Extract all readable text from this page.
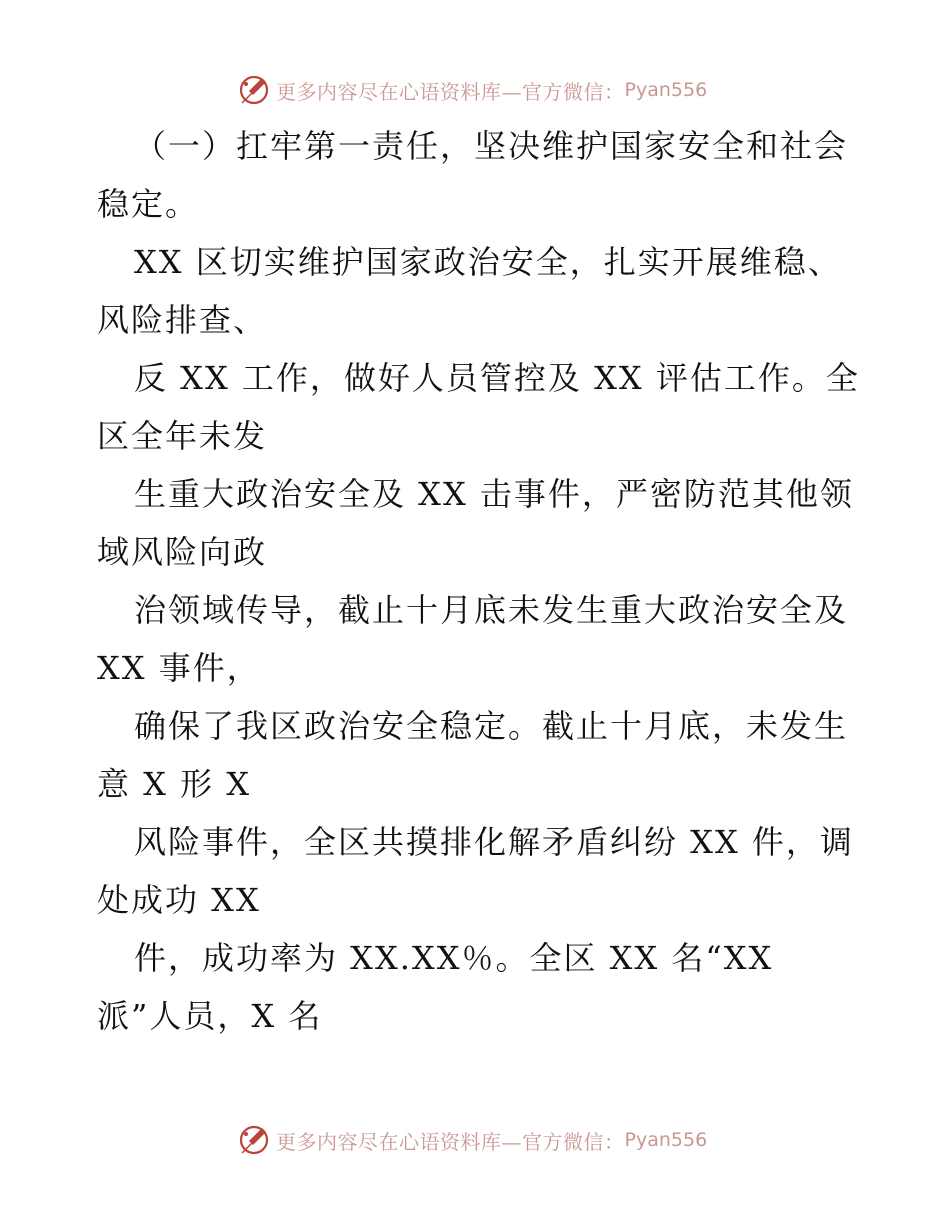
更多内容尽在心语资料库—官方微信： Pyan556
（一）扛牢第一责任，坚决维护国家安全和社会
稳定。
XX 区切实维护国家政治安全，扎实开展维稳、
风险排查、
反 XX 工作，做好人员管控及 XX 评估工作。全
区全年未发
生重大政治安全及 XX 击事件，严密防范其他领
域风险向政
治领域传导，截止十月底未发生重大政治安全及
XX 事件，
确保了我区政治安全稳定。截止十月底，未发生
意 X 形 X
风险事件，全区共摸排化解矛盾纠纷 XX 件，调
处成功 XX
件，成功率为 XX.XX％。全区 XX 名“XX
派”人员，X 名
更多内容尽在心语资料库—官方微信： Pyan556
